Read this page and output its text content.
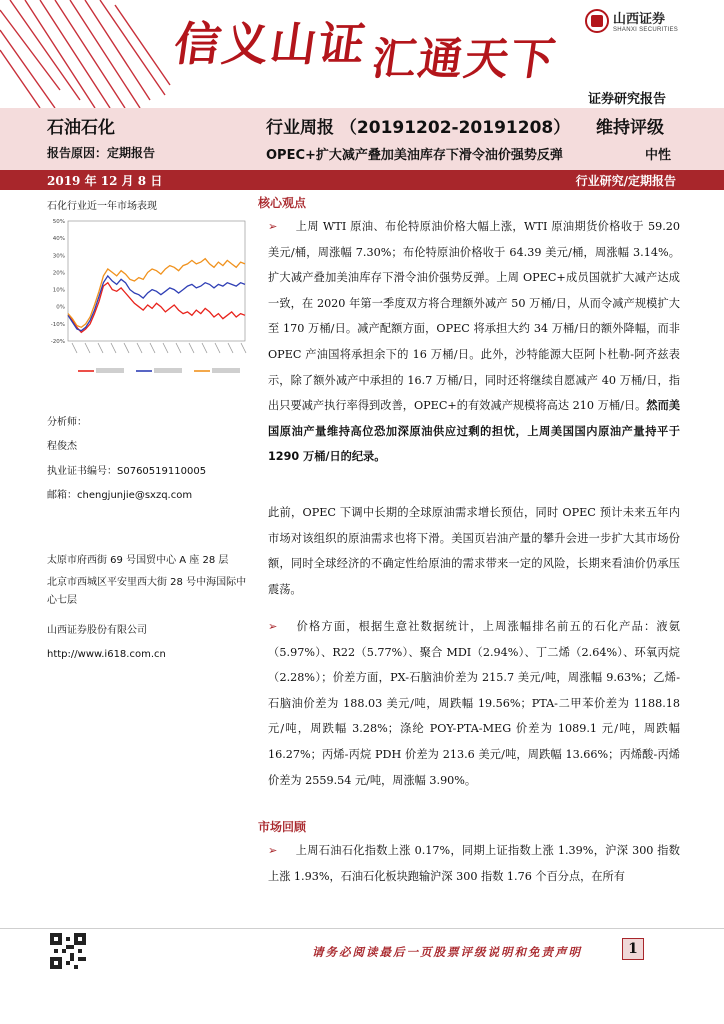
信义山证汇通天下
山西证券
SHANXI SECURITIES
证券研究报告
石油石化
报告原因：定期报告
行业周报 （20191202-20191208） 维持评级
OPEC+扩大减产叠加美油库存下滑令油价强势反弹	中性
2019 年 12 月 8 日	行业研究/定期报告
石化行业近一年市场表现
50%
40%
30%
20%
10%
0%
-10%
-20%
分析师：
程俊杰
执业证书编号：S0760519110005
邮箱：chengjunjie@sxzq.com
太原市府西街 69 号国贸中心 A 座 28 层
北京市西城区平安里西大街 28 号中海国际中心七层
山西证券股份有限公司
http://www.i618.com.cn
核心观点
➢ 上周 WTI 原油、布伦特原油价格大幅上涨，WTI 原油期货价格收于 59.20 美元/桶，周涨幅 7.30%；布伦特原油价格收于 64.39 美元/桶，周涨幅 3.14%。扩大减产叠加美油库存下滑令油价强势反弹。上周 OPEC+成员国就扩大减产达成一致，在 2020 年第一季度双方将合理额外减产 50 万桶/日，从而令减产规模扩大至 170 万桶/日。减产配额方面，OPEC 将承担大约 34 万桶/日的额外降幅，而非 OPEC 产油国将承担余下的 16 万桶/日。此外，沙特能源大臣阿卜杜勒-阿齐兹表示，除了额外减产中承担的 16.7 万桶/日，同时还将继续自愿减产 40 万桶/日，指出只要减产执行率得到改善，OPEC+的有效减产规模将高达 210 万桶/日。然而美国原油产量维持高位恐加深原油供应过剩的担忧，上周美国国内原油产量持平于 1290 万桶/日的纪录。
此前，OPEC 下调中长期的全球原油需求增长预估，同时 OPEC 预计未来五年内市场对该组织的原油需求也将下滑。美国页岩油产量的攀升会进一步扩大其市场份额，同时全球经济的不确定性给原油的需求带来一定的风险，长期来看油价仍承压震荡。
➢ 价格方面，根据生意社数据统计，上周涨幅排名前五的石化产品：液氨（5.97%）、R22（5.77%）、聚合 MDI（2.94%）、丁二烯（2.64%）、环氧丙烷（2.28%）；价差方面，PX-石脑油价差为 215.7 美元/吨，周涨幅 9.63%；乙烯-石脑油价差为 188.03 美元/吨，周跌幅 19.56%；PTA-二甲苯价差为 1188.18 元/吨，周跌幅 3.28%；涤纶 POY-PTA-MEG 价差为 1089.1 元/吨，周跌幅 16.27%；丙烯-丙烷 PDH 价差为 213.6 美元/吨，周跌幅 13.66%；丙烯酸-丙烯价差为 2559.54 元/吨，周涨幅 3.90%。
市场回顾
➢ 上周石油石化指数上涨 0.17%，同期上证指数上涨 1.39%，沪深 300 指数上涨 1.93%，石油石化板块跑输沪深 300 指数 1.76 个百分点，在所有
请务必阅读最后一页股票评级说明和免责声明	1
